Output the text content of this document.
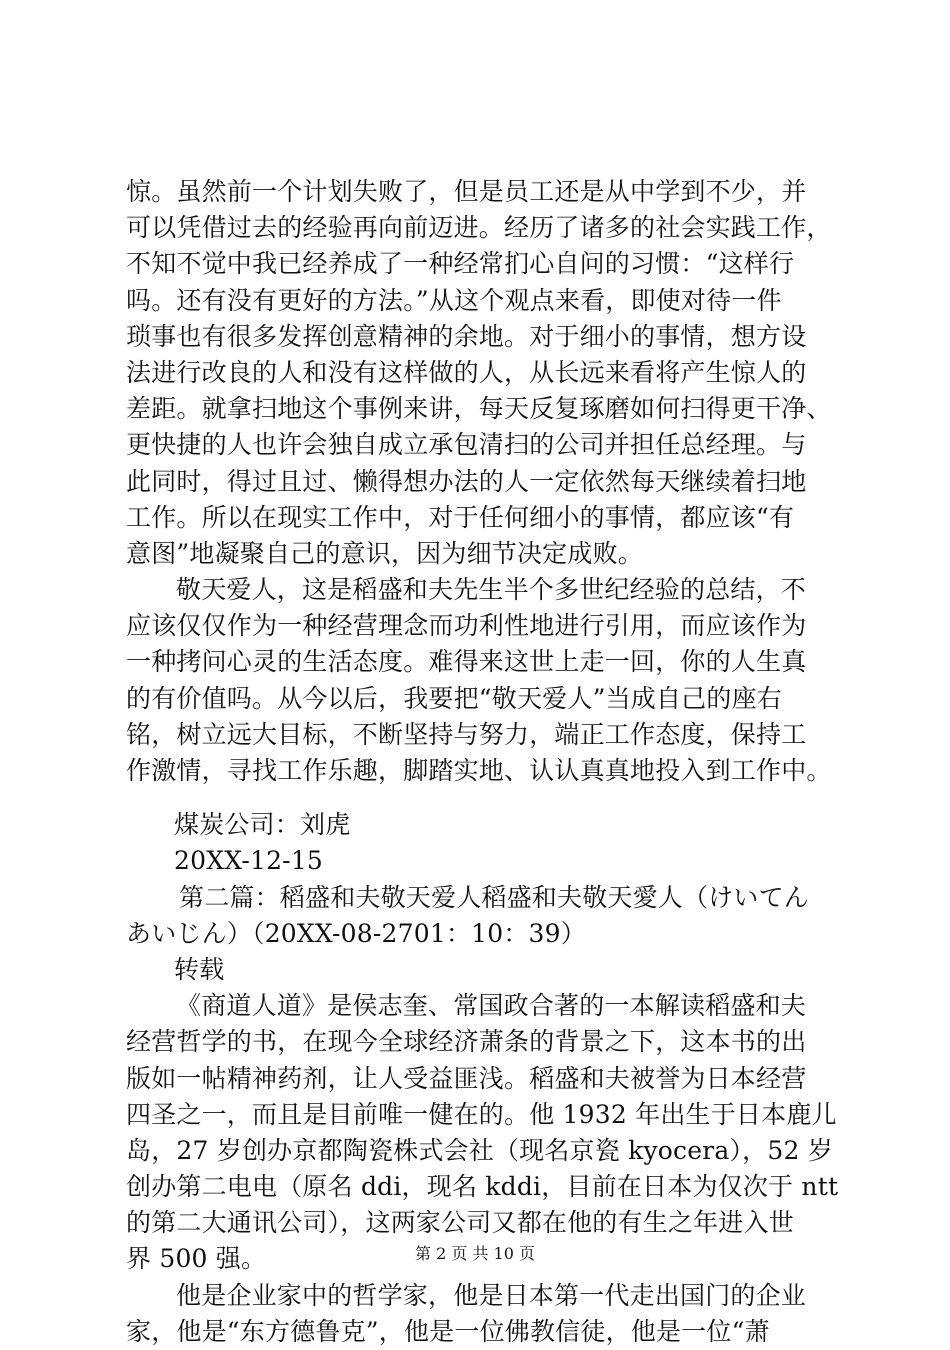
惊。虽然前一个计划失败了，但是员工还是从中学到不少，并
可以凭借过去的经验再向前迈进。经历了诸多的社会实践工作，
不知不觉中我已经养成了一种经常扪心自问的习惯：“这样行
吗。还有没有更好的方法。”从这个观点来看，即使对待一件
琐事也有很多发挥创意精神的余地。对于细小的事情，想方设
法进行改良的人和没有这样做的人，从长远来看将产生惊人的
差距。就拿扫地这个事例来讲，每天反复琢磨如何扫得更干净、
更快捷的人也许会独自成立承包清扫的公司并担任总经理。与
此同时，得过且过、懒得想办法的人一定依然每天继续着扫地
工作。所以在现实工作中，对于任何细小的事情，都应该“有
意图”地凝聚自己的意识，因为细节决定成败。
敬天爱人，这是稻盛和夫先生半个多世纪经验的总结，不
应该仅仅作为一种经营理念而功利性地进行引用，而应该作为
一种拷问心灵的生活态度。难得来这世上走一回，你的人生真
的有价值吗。从今以后，我要把“敬天爱人”当成自己的座右
铭，树立远大目标，不断坚持与努力，端正工作态度，保持工
作激情，寻找工作乐趣，脚踏实地、认认真真地投入到工作中。
煤炭公司：刘虎
20XX-12-15
第二篇：稻盛和夫敬天爱人稻盛和夫敬天愛人（けいてん
あいじん）（20XX-08-2701：10：39）
转载
《商道人道》是侯志奎、常国政合著的一本解读稻盛和夫
经营哲学的书，在现今全球经济萧条的背景之下，这本书的出
版如一帖精神药剂，让人受益匪浅。稻盛和夫被誉为日本经营
四圣之一，而且是目前唯一健在的。他 1932 年出生于日本鹿儿
岛，27 岁创办京都陶瓷株式会社（现名京瓷 kyocera），52 岁
创办第二电电（原名 ddi，现名 kddi，目前在日本为仅次于 ntt
的第二大通讯公司），这两家公司又都在他的有生之年进入世
界 500 强。
他是企业家中的哲学家，他是日本第一代走出国门的企业
家，他是“东方德鲁克”，他是一位佛教信徒，他是一位“萧
第 2 页 共 10 页
